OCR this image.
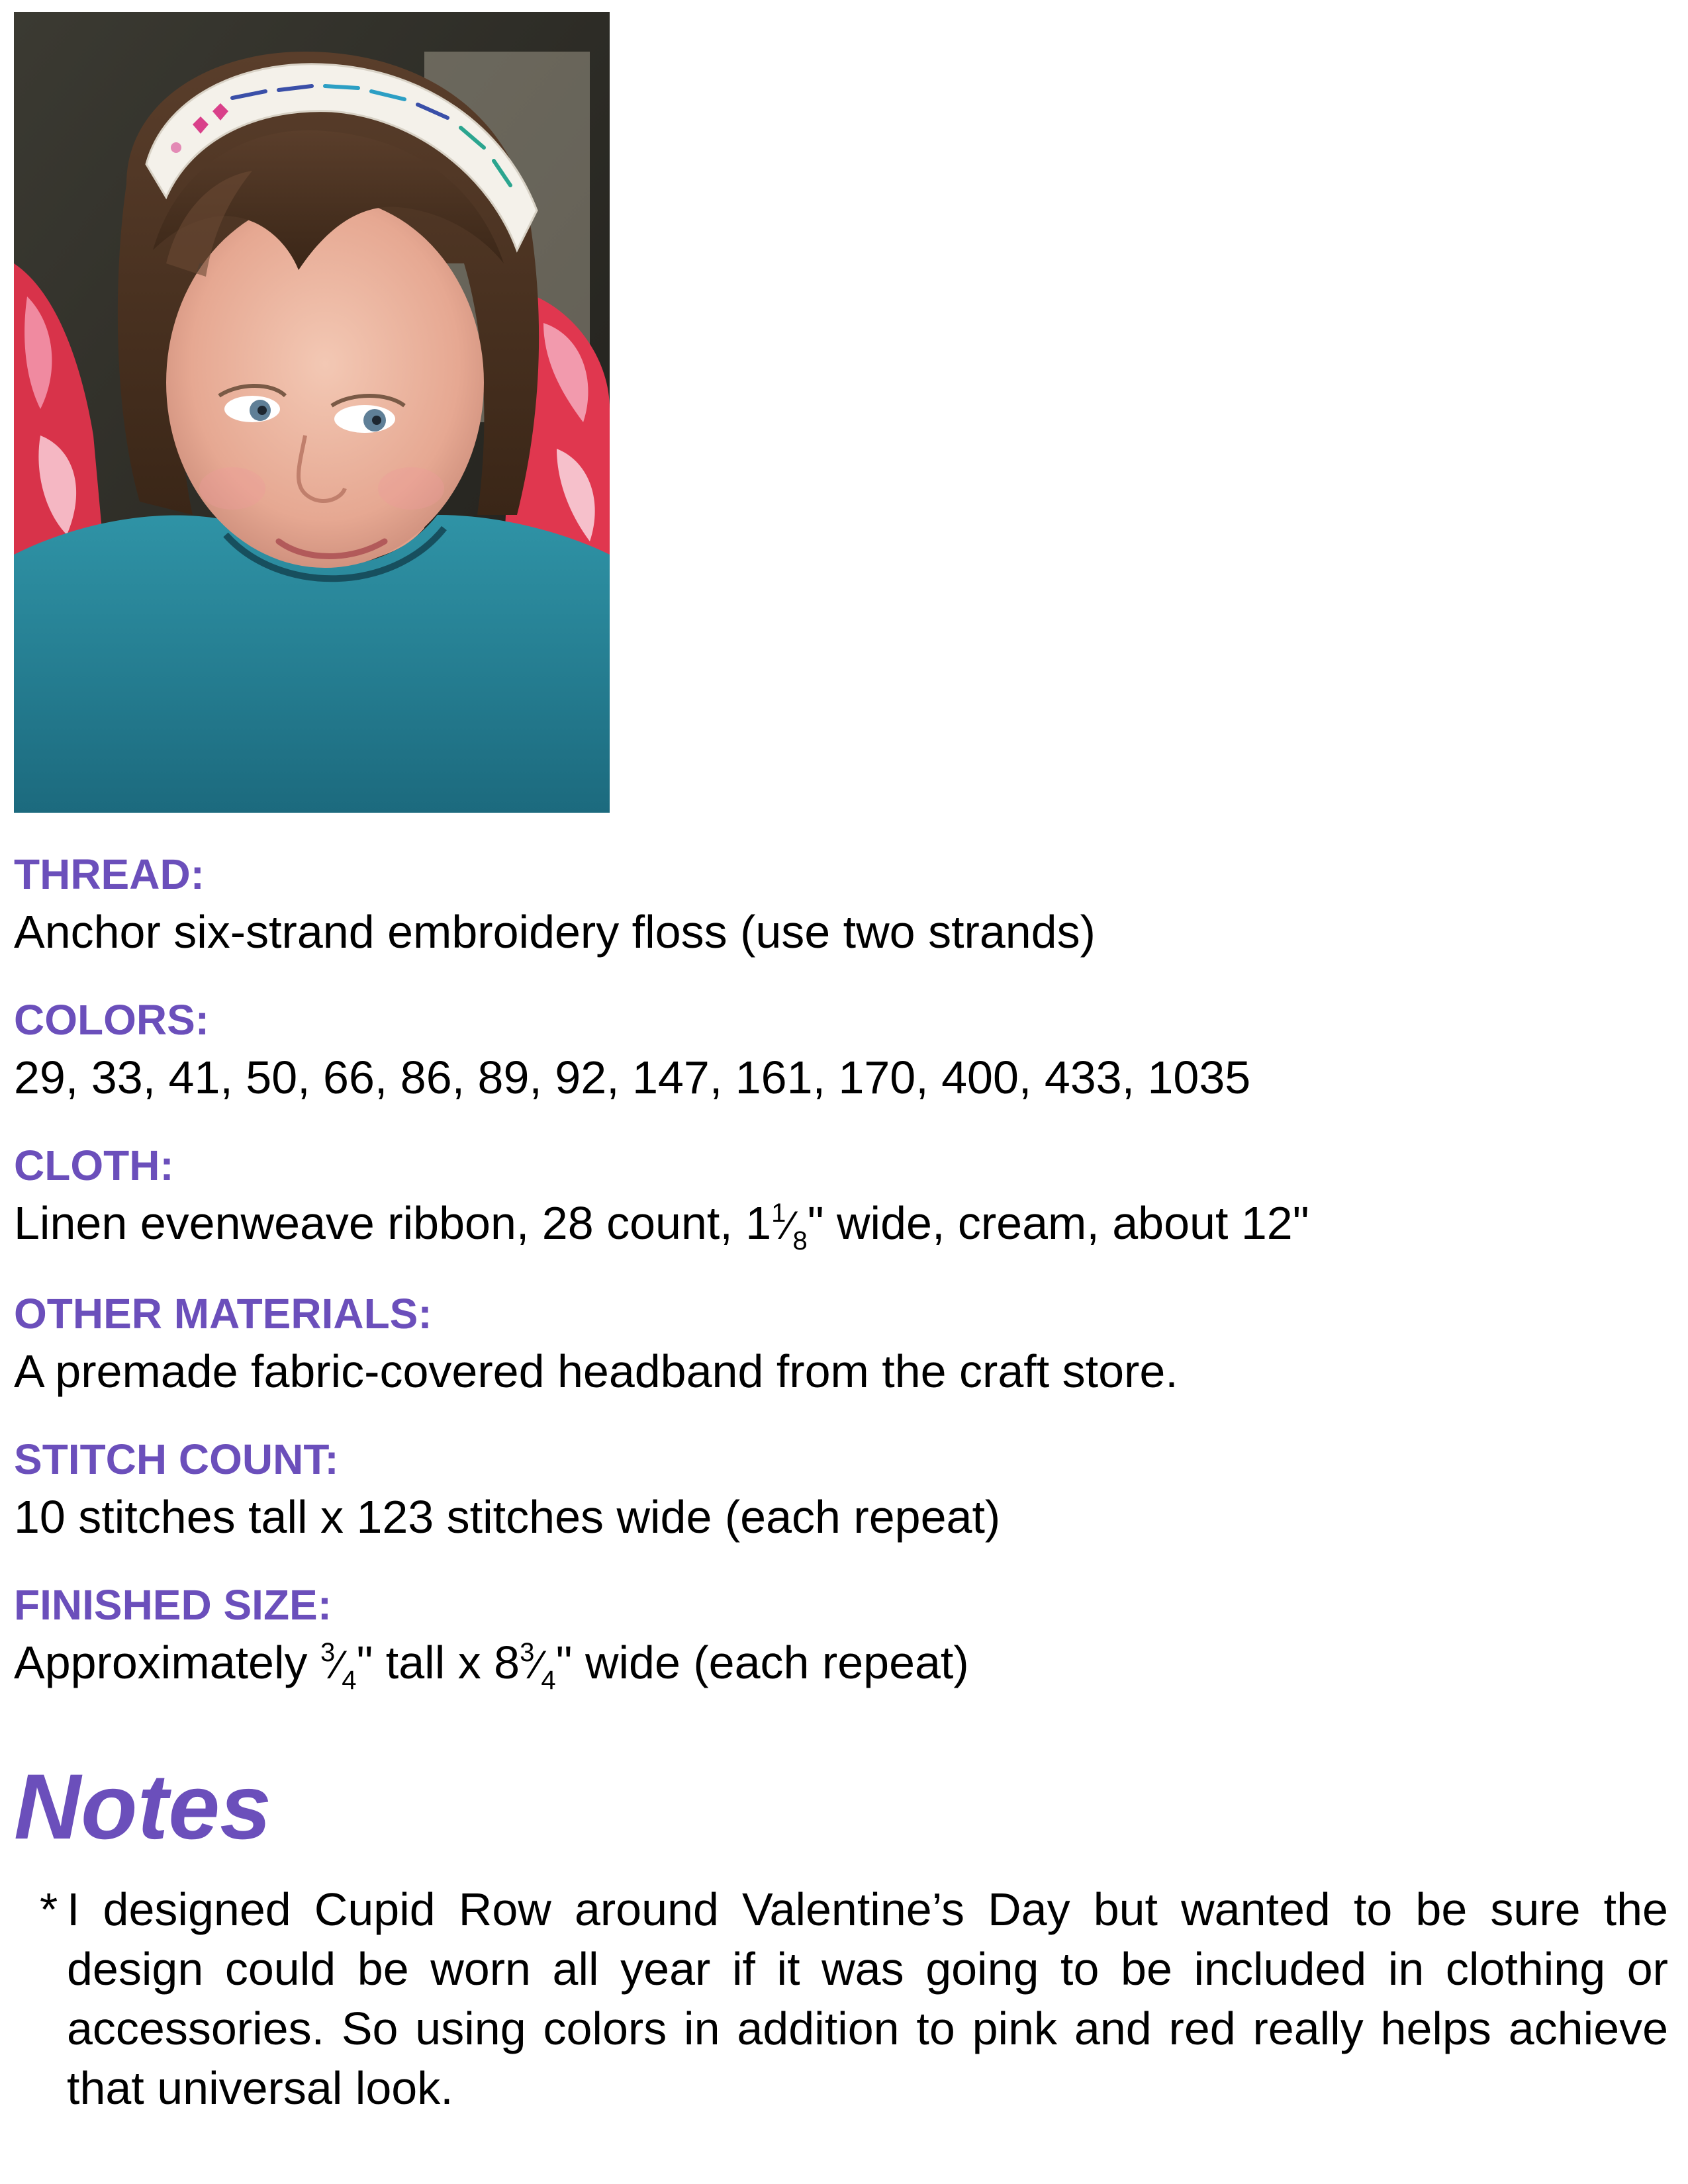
THREAD:
Anchor six-strand embroidery floss (use two strands)
COLORS:
29, 33, 41, 50, 66, 86, 89, 92, 147, 161, 170, 400, 433, 1035
CLOTH:
Linen evenweave ribbon, 28 count, $1^1⁄_8$" wide, cream, about 12"
OTHER MATERIALS:
A premade fabric-covered headband from the craft store.
STITCH COUNT:
10 stitches tall x 123 stitches wide (each repeat)
FINISHED SIZE:
Approximately $^3⁄_4$" tall x $8^3⁄_4$" wide (each repeat)
Notes
* I designed Cupid Row around Valentine’s Day but wanted to be sure the design could be worn all year if it was going to be included in clothing or accessories. So using colors in addition to pink and red really helps achieve that universal look.
